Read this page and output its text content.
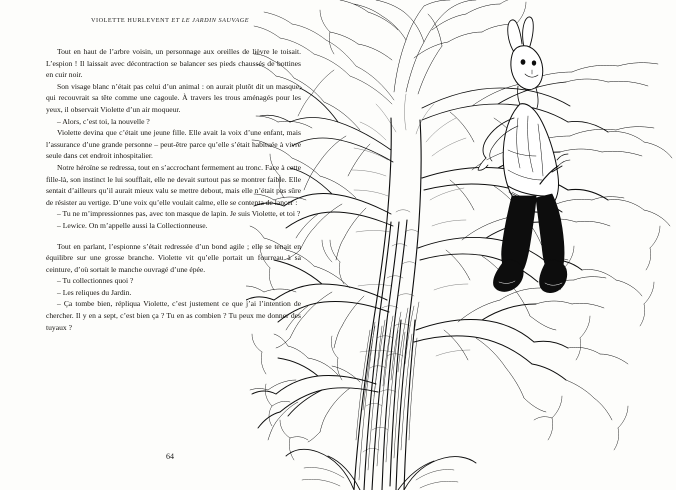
VIOLETTE HURLEVENT ET LE JARDIN SAUVAGE

Tout en haut de l’arbre voisin, un personnage aux oreilles de lièvre le toisait. L’espion ! Il laissait avec décontraction se balancer ses pieds chaussés de bottines en cuir noir.

Son visage blanc n’était pas celui d’un animal : on aurait plutôt dit un masque, qui recouvrait sa tête comme une cagoule. À travers les trous aménagés pour les yeux, il observait Violette d’un air moqueur.

– Alors, c’est toi, la nouvelle ?

Violette devina que c’était une jeune fille. Elle avait la voix d’une enfant, mais l’assurance d’une grande personne – peut-être parce qu’elle s’était habituée à vivre seule dans cet endroit inhospitalier.

Notre héroïne se redressa, tout en s’accrochant fermement au tronc. Face à cette fille-là, son instinct le lui soufflait, elle ne devait surtout pas se montrer faible. Elle sentait d’ailleurs qu’il aurait mieux valu se mettre debout, mais elle n’était pas sûre de résister au vertige. D’une voix qu’elle voulait calme, elle se contenta de lancer :

– Tu ne m’impressionnes pas, avec ton masque de lapin. Je suis Violette, et toi ?

– Lewice. On m’appelle aussi la Collectionneuse.

Tout en parlant, l’espionne s’était redressée d’un bond agile ; elle se tenait en équilibre sur une grosse branche. Violette vit qu’elle portait un fourreau à sa ceinture, d’où sortait le manche ouvragé d’une épée.

– Tu collectionnes quoi ?

– Les reliques du Jardin.

– Ça tombe bien, répliqua Violette, c’est justement ce que j’ai l’intention de chercher. Il y en a sept, c’est bien ça ? Tu en as combien ? Tu peux me donner des tuyaux ?

64
